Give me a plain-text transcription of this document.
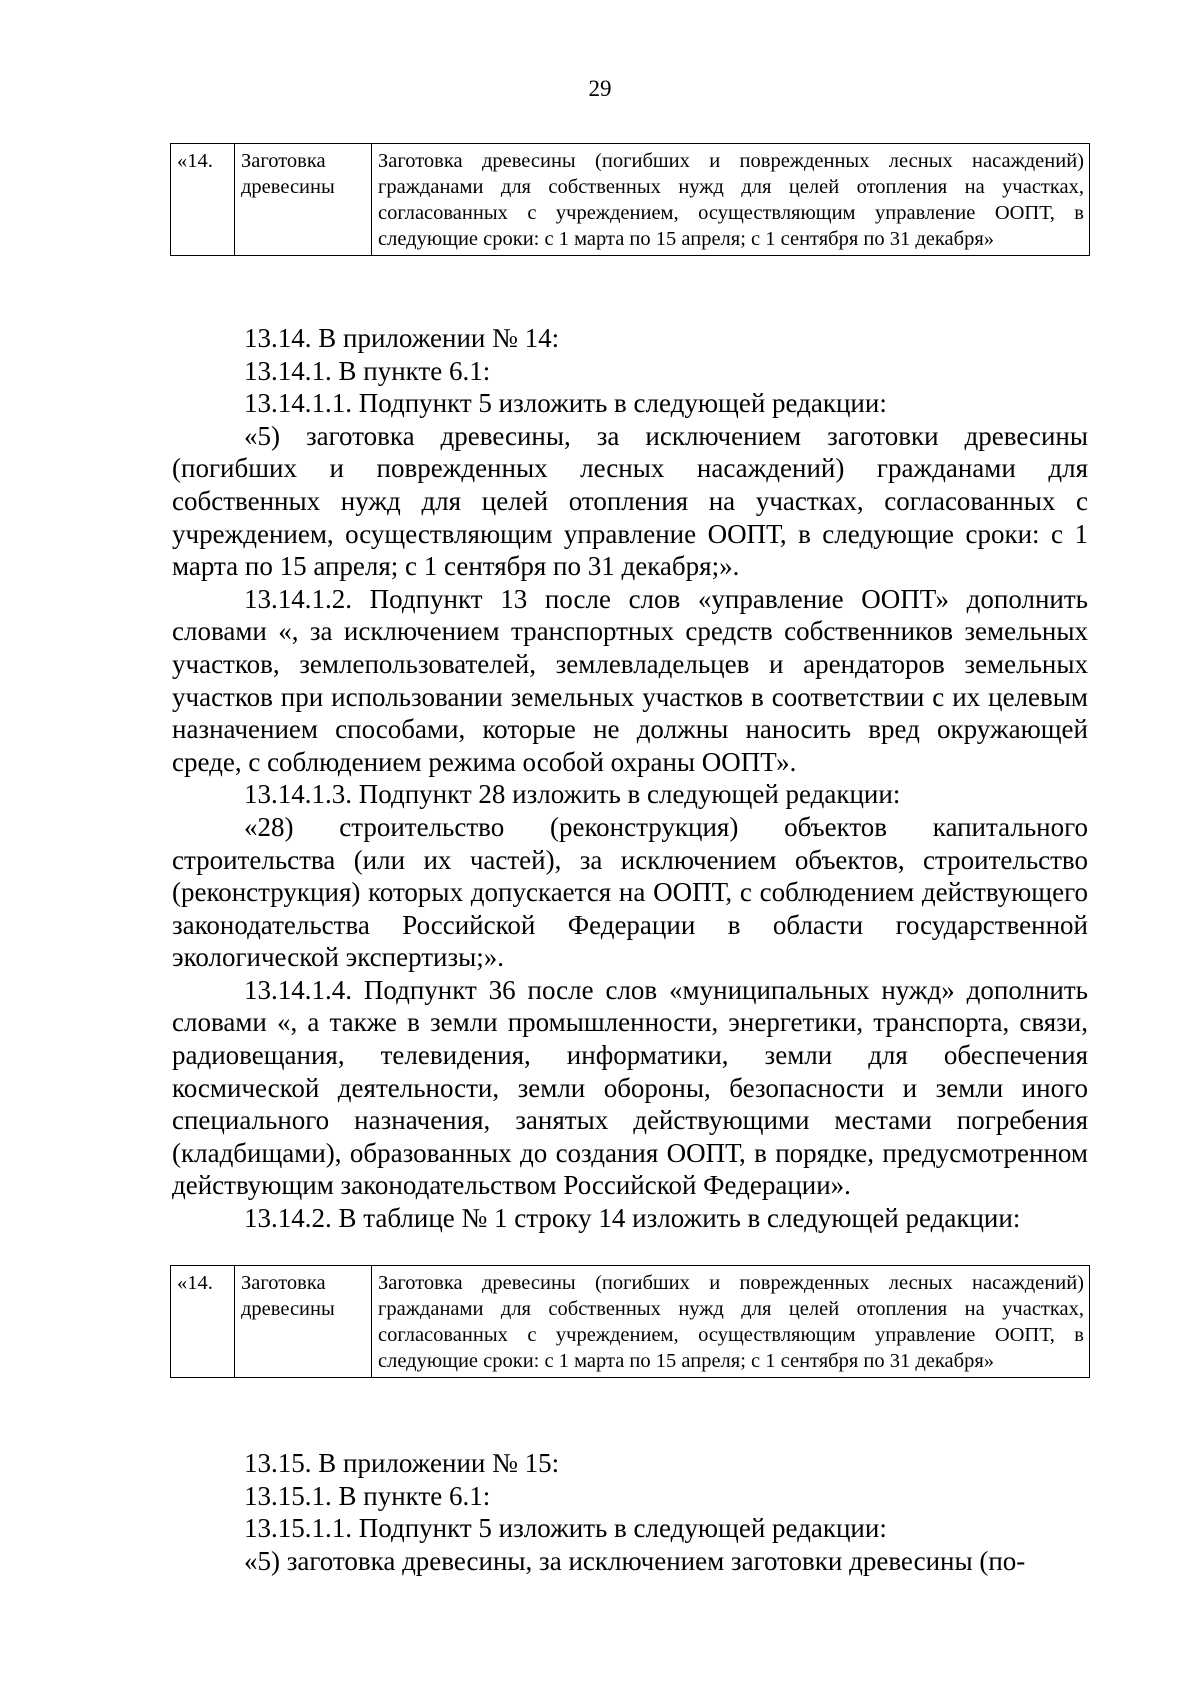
29
«14.	Заготовка древесины	Заготовка древесины (погибших и поврежденных лесных насаждений) гражданами для собственных нужд для целей отопления на участках, согласованных с учреждением, осуществляющим управление ООПТ, в следующие сроки: с 1 марта по 15 апреля; с 1 сентября по 31 декабря»

13.14. В приложении № 14:

13.14.1. В пункте 6.1:

13.14.1.1. Подпункт 5 изложить в следующей редакции:

«5) заготовка древесины, за исключением заготовки древесины (погибших и поврежденных лесных насаждений) гражданами для собственных нужд для целей отопления на участках, согласованных с учреждением, осуществляющим управление ООПТ, в следующие сроки: с 1 марта по 15 апреля; с 1 сентября по 31 декабря;».

13.14.1.2. Подпункт 13 после слов «управление ООПТ» дополнить словами «, за исключением транспортных средств собственников земельных участков, землепользователей, землевладельцев и арендаторов земельных участков при использовании земельных участков в соответствии с их целевым назначением способами, которые не должны наносить вред окружающей среде, с соблюдением режима особой охраны ООПТ».

13.14.1.3. Подпункт 28 изложить в следующей редакции:

«28) строительство (реконструкция) объектов капитального строительства (или их частей), за исключением объектов, строительство (реконструкция) которых допускается на ООПТ, с соблюдением действующего законодательства Российской Федерации в области государственной экологической экспертизы;».

13.14.1.4. Подпункт 36 после слов «муниципальных нужд» дополнить словами «, а также в земли промышленности, энергетики, транспорта, связи, радиовещания, телевидения, информатики, земли для обеспечения космической деятельности, земли обороны, безопасности и земли иного специального назначения, занятых действующими местами погребения (кладбищами), образованных до создания ООПТ, в порядке, предусмотренном действующим законодательством Российской Федерации».

13.14.2. В таблице № 1 строку 14 изложить в следующей редакции:

«14.	Заготовка древесины	Заготовка древесины (погибших и поврежденных лесных насаждений) гражданами для собственных нужд для целей отопления на участках, согласованных с учреждением, осуществляющим управление ООПТ, в следующие сроки: с 1 марта по 15 апреля; с 1 сентября по 31 декабря»

13.15. В приложении № 15:

13.15.1. В пункте 6.1:

13.15.1.1. Подпункт 5 изложить в следующей редакции:

«5) заготовка древесины, за исключением заготовки древесины (по-
